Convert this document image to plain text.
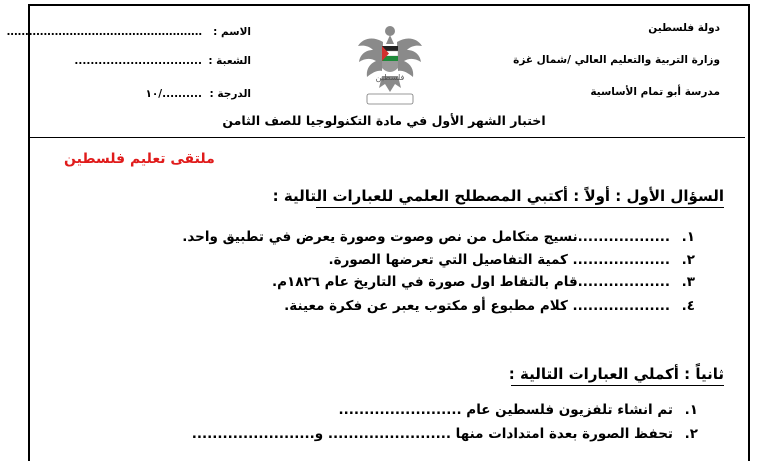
دولة فلسطين
وزارة التربية والتعليم العالي /شمال غزة
مدرسة أبو تمام الأساسية
الاسم :
.....................................................
الشعبة :
................................
الدرجة :
........../١٠
فلسطين
اختبار الشهر الأول في مادة التكنولوجيا للصف الثامن
ملتقى تعليم فلسطين
السؤال الأول : أولاً : أكتبي المصطلح العلمي للعبارات التالية :
١.
..................نسيج متكامل من نص وصوت وصورة يعرض في تطبيق واحد.
٢.
................... كمية التفاصيل التي تعرضها الصورة.
٣.
..................قام بالتقاط اول صورة في التاريخ عام ١٨٢٦م.
٤.
................... كلام مطبوع أو مكتوب يعبر عن فكرة معينة.
ثانياً : أكملي العبارات التالية :
١.
تم انشاء تلفزيون فلسطين عام ........................
٢.
تحفظ الصورة بعدة امتدادات منها ........................ و........................
